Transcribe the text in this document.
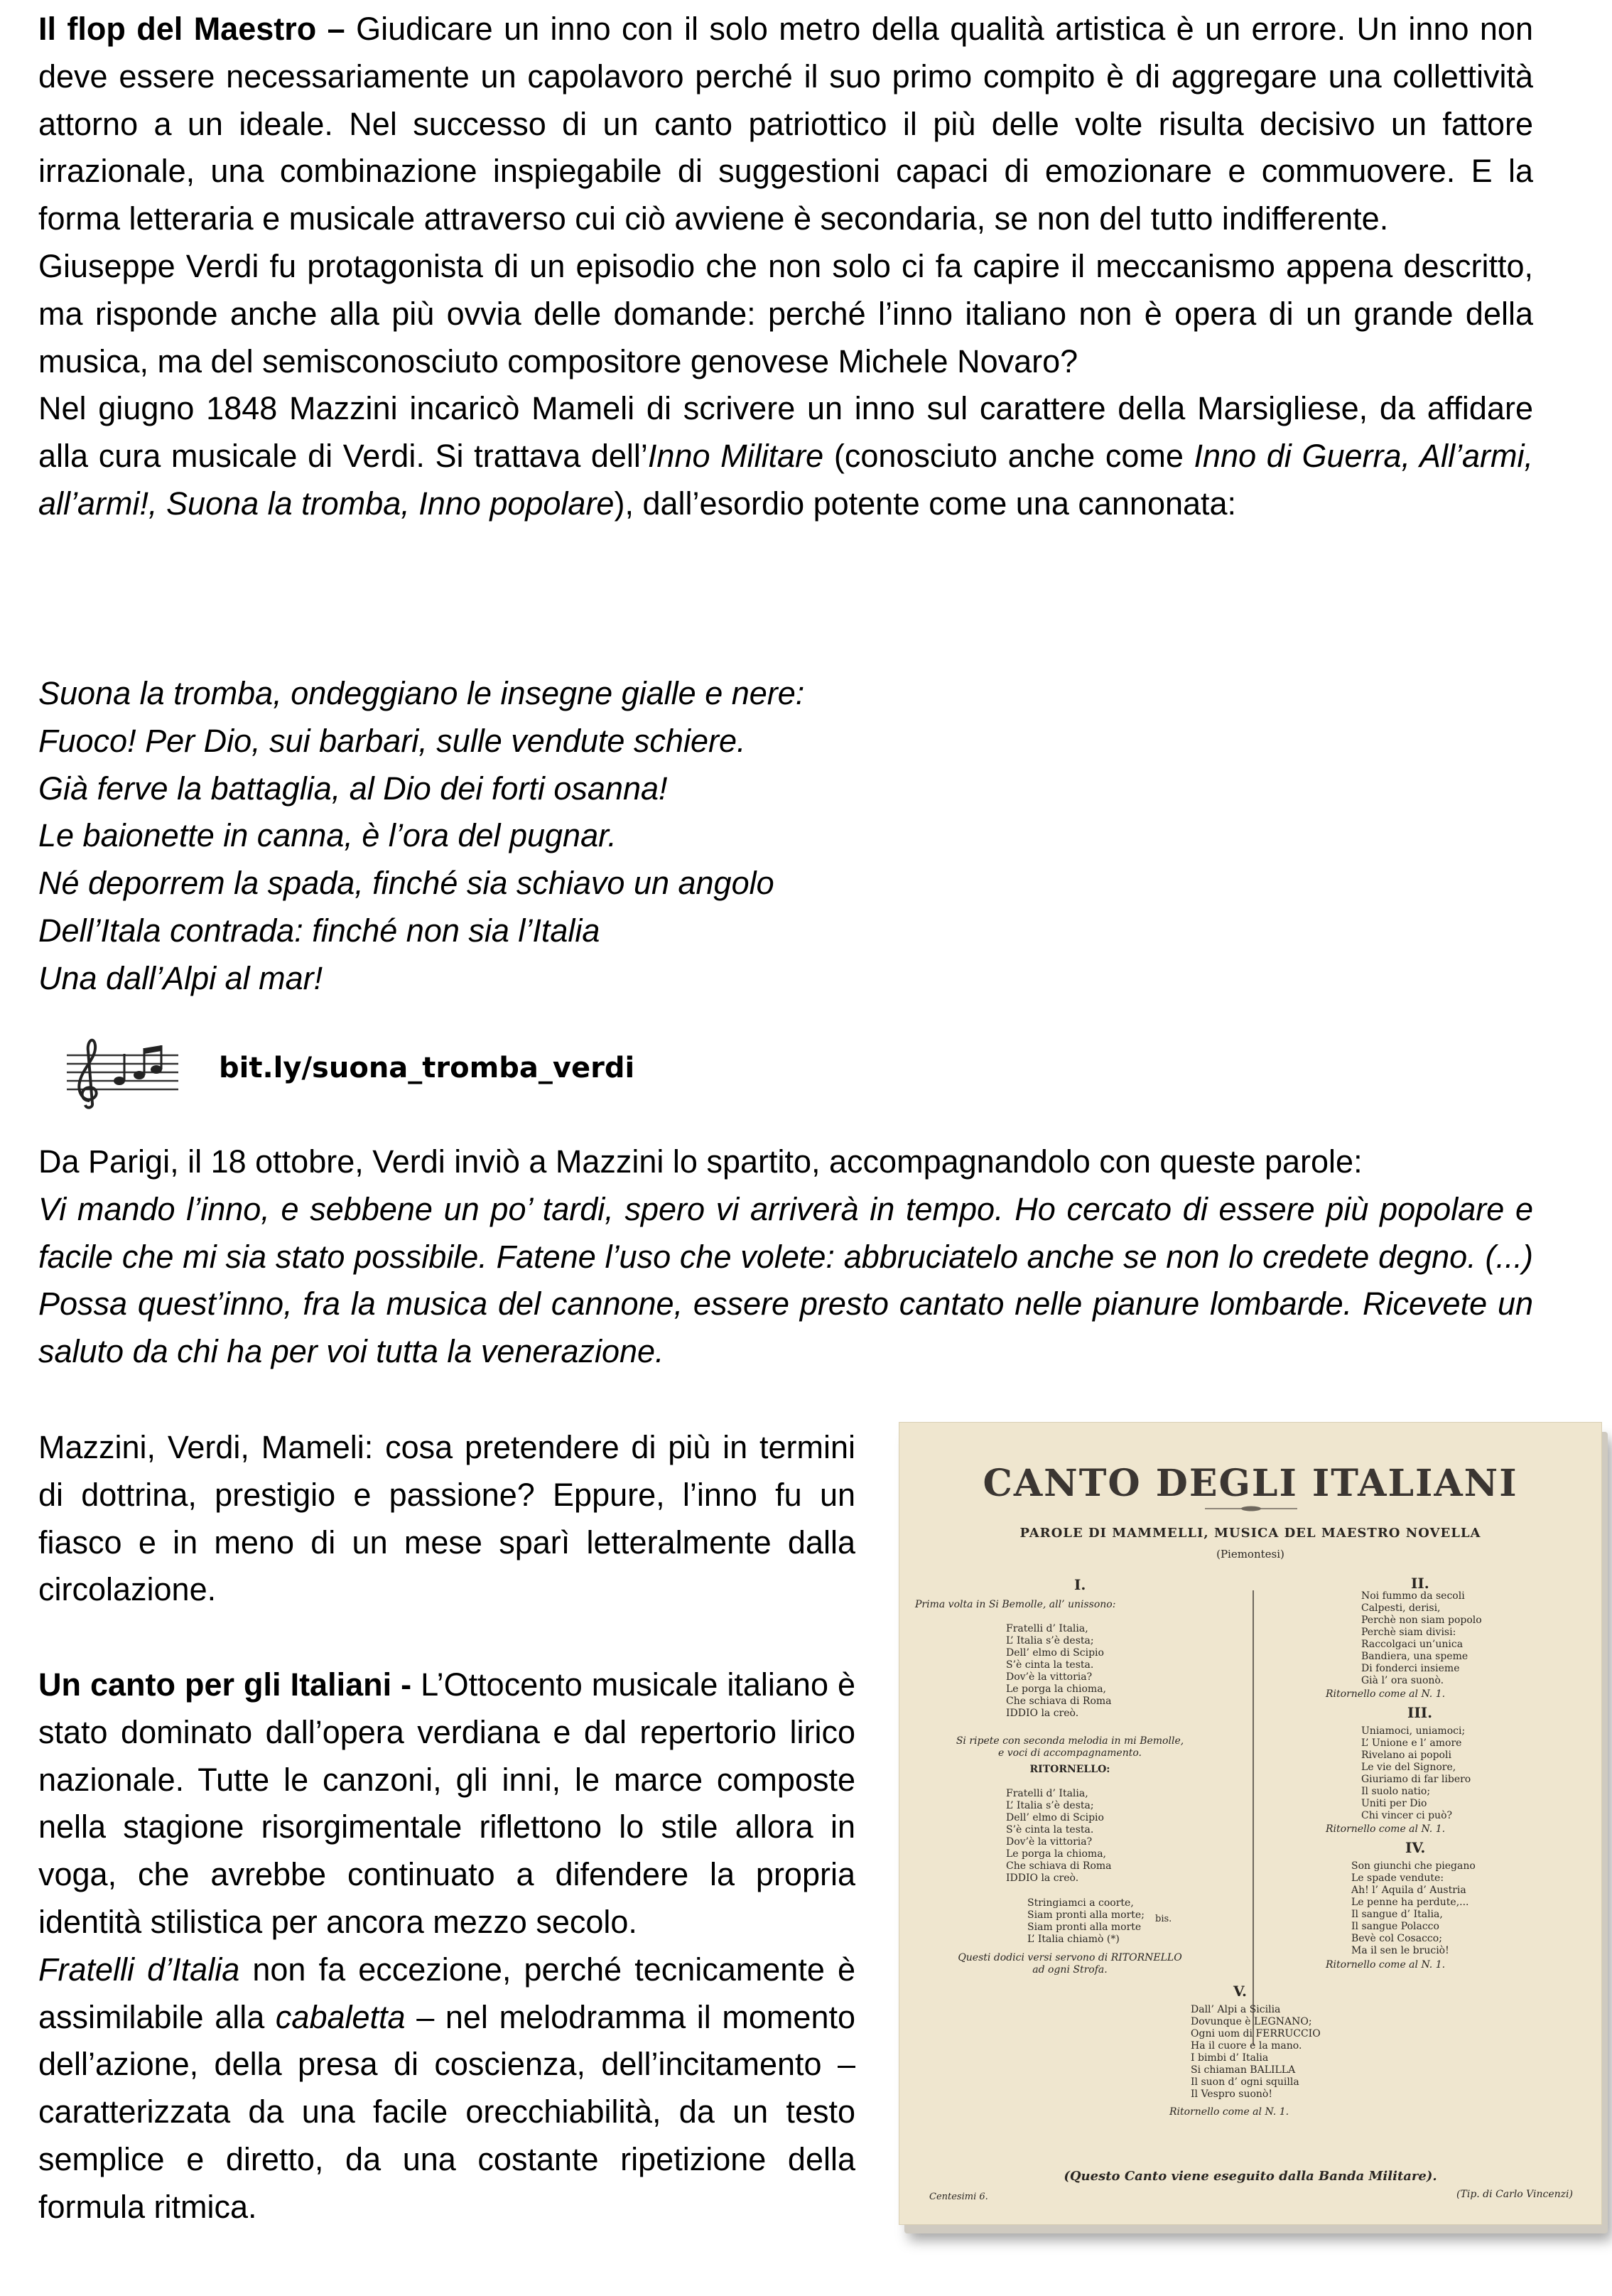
Il flop del Maestro – Giudicare un inno con il solo metro della qualità artistica è un errore. Un inno non deve essere necessariamente un capolavoro perché il suo primo compito è di aggregare una collettività attorno a un ideale. Nel successo di un canto patriottico il più delle volte risulta decisivo un fattore irrazionale, una combinazione inspiegabile di suggestioni capaci di emozionare e commuovere. E la forma letteraria e musicale attraverso cui ciò avviene è secondaria, se non del tutto indifferente.

Giuseppe Verdi fu protagonista di un episodio che non solo ci fa capire il meccanismo appena descritto, ma risponde anche alla più ovvia delle domande: perché l’inno italiano non è opera di un grande della musica, ma del semisconosciuto compositore genovese Michele Novaro?

Nel giugno 1848 Mazzini incaricò Mameli di scrivere un inno sul carattere della Marsigliese, da affidare alla cura musicale di Verdi. Si trattava dell’Inno Militare (conosciuto anche come Inno di Guerra, All’armi, all’armi!, Suona la tromba, Inno popolare), dall’esordio potente come una cannonata:

Suona la tromba, ondeggiano le insegne gialle e nere:
Fuoco! Per Dio, sui barbari, sulle vendute schiere.
Già ferve la battaglia, al Dio dei forti osanna!
Le baionette in canna, è l’ora del pugnar.
Né deporrem la spada, finché sia schiavo un angolo
Dell’Itala contrada: finché non sia l’Italia
Una dall’Alpi al mar!
bit.ly/suona_tromba_verdi

Da Parigi, il 18 ottobre, Verdi inviò a Mazzini lo spartito, accompagnandolo con queste parole:

Vi mando l’inno, e sebbene un po’ tardi, spero vi arriverà in tempo. Ho cercato di essere più popolare e facile che mi sia stato possibile. Fatene l’uso che volete: abbruciatelo anche se non lo credete degno. (...) Possa quest’inno, fra la musica del cannone, essere presto cantato nelle pianure lombarde. Ricevete un saluto da chi ha per voi tutta la venerazione.

Mazzini, Verdi, Mameli: cosa pretendere di più in termini di dottrina, prestigio e passione? Eppure, l’inno fu un fiasco e in meno di un mese sparì letteralmente dalla circolazione.

Un canto per gli Italiani - L’Ottocento musicale italiano è stato dominato dall’opera verdiana e dal repertorio lirico nazionale. Tutte le canzoni, gli inni, le marce composte nella stagione risorgimentale riflettono lo stile allora in voga, che avrebbe continuato a difendere la propria identità stilistica per ancora mezzo secolo.

Fratelli d’Italia non fa eccezione, perché tecnicamente è assimilabile alla cabaletta – nel melodramma il momento dell’azione, della presa di coscienza, dell’incitamento – caratterizzata da una facile orecchiabilità, da un testo semplice e diretto, da una costante ripetizione della formula ritmica.

CANTO DEGLI ITALIANI
PAROLE DI MAMMELLI, MUSICA DEL MAESTRO NOVELLA
(Piemontesi)
I.
Prima volta in Si Bemolle, all’ unissono:
Fratelli d’ Italia,
L’ Italia s’è desta;
Dell’ elmo di Scipio
S’è cinta la testa.
Dov’è la vittoria?
Le porga la chioma,
Che schiava di Roma
IDDIO la creò.
Si ripete con seconda melodia in mi Bemolle,
e voci di accompagnamento.
RITORNELLO:
Fratelli d’ Italia,
L’ Italia s’è desta;
Dell’ elmo di Scipio
S’è cinta la testa.
Dov’è la vittoria?
Le porga la chioma,
Che schiava di Roma
IDDIO la creò.
Stringiamci a coorte,
Siam pronti alla morte;
Siam pronti alla morte
L’ Italia chiamò (*)
bis.
Questi dodici versi servono di RITORNELLO
ad ogni Strofa.
II.
Noi fummo da secoli
Calpesti, derisi,
Perchè non siam popolo
Perchè siam divisi:
Raccolgaci un’unica
Bandiera, una speme
Di fonderci insieme
Già l’ ora suonò.
Ritornello come al N. 1.
III.
Uniamoci, uniamoci;
L’ Unione e l’ amore
Rivelano ai popoli
Le vie del Signore,
Giuriamo di far libero
Il suolo natio;
Uniti per Dio
Chi vincer ci può?
Ritornello come al N. 1.
IV.
Son giunchi che piegano
Le spade vendute:
Ah! l’ Aquila d’ Austria
Le penne ha perdute,...
Il sangue d’ Italia,
Il sangue Polacco
Bevè col Cosacco;
Ma il sen le bruciò!
Ritornello come al N. 1.
V.
Dall’ Alpi a Sicilia
Dovunque è LEGNANO;
Ogni uom di FERRUCCIO
Ha il cuore e la mano.
I bimbi d’ Italia
Si chiaman BALILLA
Il suon d’ ogni squilla
Il Vespro suonò!
Ritornello come al N. 1.
(Questo Canto viene eseguito dalla Banda Militare).
Centesimi 6.	(Tip. di Carlo Vincenzi)
